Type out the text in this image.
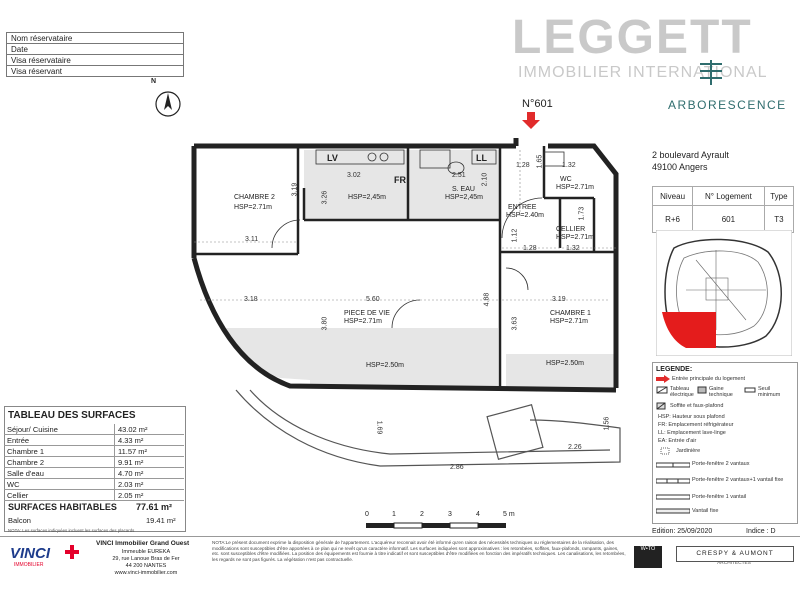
Nom réservataire
Date
Visa réservataire
Visa réservant
N
LEGGETT
IMMOBILIER INTERNATIONAL
ARBORESCENCE
N°601
2 boulevard Ayrault
49100 Angers
Niveau	N° Logement	Type
R+6	601	T3
LEGENDE:
Entrée principale du logement
Tableau électrique
Gaine technique
Seuil minimum
Soffite et faux-plafond
HSP: Hauteur sous plafond
FR: Emplacement réfrigérateur
LL: Emplacement lave-linge
EA: Entrée d'air
Jardinière
Porte-fenêtre 2 vantaux
Porte-fenêtre 2 vantaux+1 vantail fixe
Porte-fenêtre 1 vantail
Vantail fixe
CHAMBRE 2
HSP=2.71m
LV
FR
LL
HSP=2,45m
S. EAU
HSP=2,45m
WC
HSP=2.71m
ENTREE
HSP=2.40m
CELLIER
HSP=2.71m
PIECE DE VIE
HSP=2.71m
HSP=2.50m
CHAMBRE 1
HSP=2.71m
HSP=2.50m
3.11
3.19
3.02
3.26
2.51 2.10
1.28 1.65	1.32
1.73
1.12
1.28	1.32
3.18	5.60
3.80
4.88	3.19
3.63
1.69
2.86
2.26
1.56
TABLEAU DES SURFACES
Séjour/ Cuisine	43.02 m²
Entrée	4.33 m²
Chambre 1	11.57 m²
Chambre 2	9.91 m²
Salle d'eau	4.70 m²
WC	2.03 m²
Cellier	2.05 m²
SURFACES HABITABLES 77.61 m²
Balcon	19.41 m²
NOTA: Les surfaces indiquées incluent les surfaces des placards
0	1	2	3	4	5 m
Edition: 25/09/2020	Indice : D
VINCI
IMMOBILIER
VINCI Immobilier Grand Ouest
Immeuble EUREKA
29, rue Lanoue Bras de Fer
44 200 NANTES
www.vinci-immobilier.com
NOTA:Le présent document exprime la disposition générale de l'appartement. L'acquéreur reconnait avoir été informé qu'en raison des nécessités techniques ou réglementaires de la réalisation, des modifications sont susceptibles d'être apportées à ce plan qui ne revêt qu'un caractère informatif. Les surfaces indiquées sont approximatives : les retombées, soffites, faux-plafonds, rampants, gaines, etc. sont susceptibles d'être modifiées. La position des équipements est fournie à titre indicatif et sont susceptibles d'être modifiées en fonction des impératifs techniques. Les canalisations, les retombées, les regards ne sont pas figurés. La végétation n'est pas contractuelle.
W•TO
CRESPY & AUMONT
ARCHITECTES
